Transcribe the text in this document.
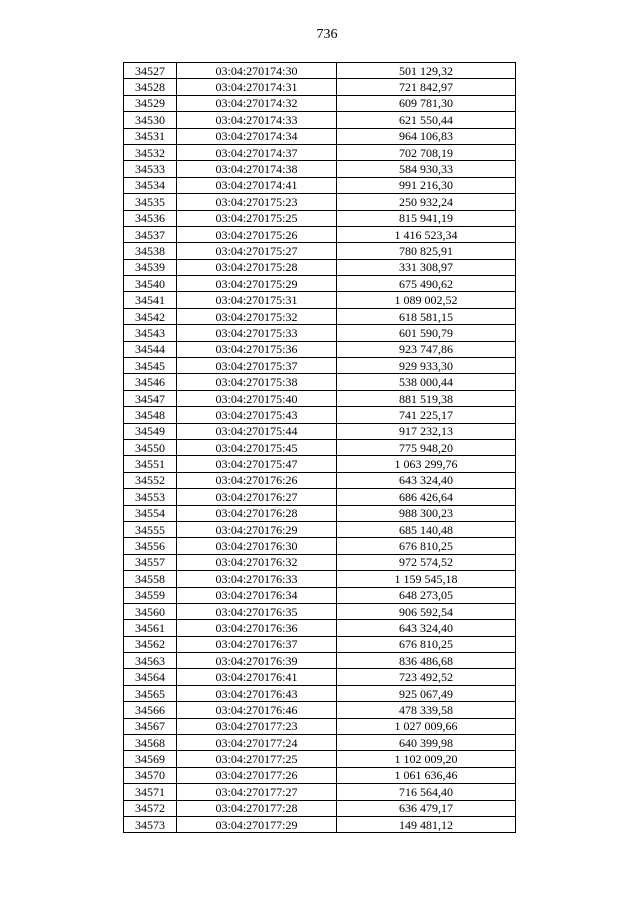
736
34527	03:04:270174:30	501 129,32
34528	03:04:270174:31	721 842,97
34529	03:04:270174:32	609 781,30
34530	03:04:270174:33	621 550,44
34531	03:04:270174:34	964 106,83
34532	03:04:270174:37	702 708,19
34533	03:04:270174:38	584 930,33
34534	03:04:270174:41	991 216,30
34535	03:04:270175:23	250 932,24
34536	03:04:270175:25	815 941,19
34537	03:04:270175:26	1 416 523,34
34538	03:04:270175:27	780 825,91
34539	03:04:270175:28	331 308,97
34540	03:04:270175:29	675 490,62
34541	03:04:270175:31	1 089 002,52
34542	03:04:270175:32	618 581,15
34543	03:04:270175:33	601 590,79
34544	03:04:270175:36	923 747,86
34545	03:04:270175:37	929 933,30
34546	03:04:270175:38	538 000,44
34547	03:04:270175:40	881 519,38
34548	03:04:270175:43	741 225,17
34549	03:04:270175:44	917 232,13
34550	03:04:270175:45	775 948,20
34551	03:04:270175:47	1 063 299,76
34552	03:04:270176:26	643 324,40
34553	03:04:270176:27	686 426,64
34554	03:04:270176:28	988 300,23
34555	03:04:270176:29	685 140,48
34556	03:04:270176:30	676 810,25
34557	03:04:270176:32	972 574,52
34558	03:04:270176:33	1 159 545,18
34559	03:04:270176:34	648 273,05
34560	03:04:270176:35	906 592,54
34561	03:04:270176:36	643 324,40
34562	03:04:270176:37	676 810,25
34563	03:04:270176:39	836 486,68
34564	03:04:270176:41	723 492,52
34565	03:04:270176:43	925 067,49
34566	03:04:270176:46	478 339,58
34567	03:04:270177:23	1 027 009,66
34568	03:04:270177:24	640 399,98
34569	03:04:270177:25	1 102 009,20
34570	03:04:270177:26	1 061 636,46
34571	03:04:270177:27	716 564,40
34572	03:04:270177:28	636 479,17
34573	03:04:270177:29	149 481,12
